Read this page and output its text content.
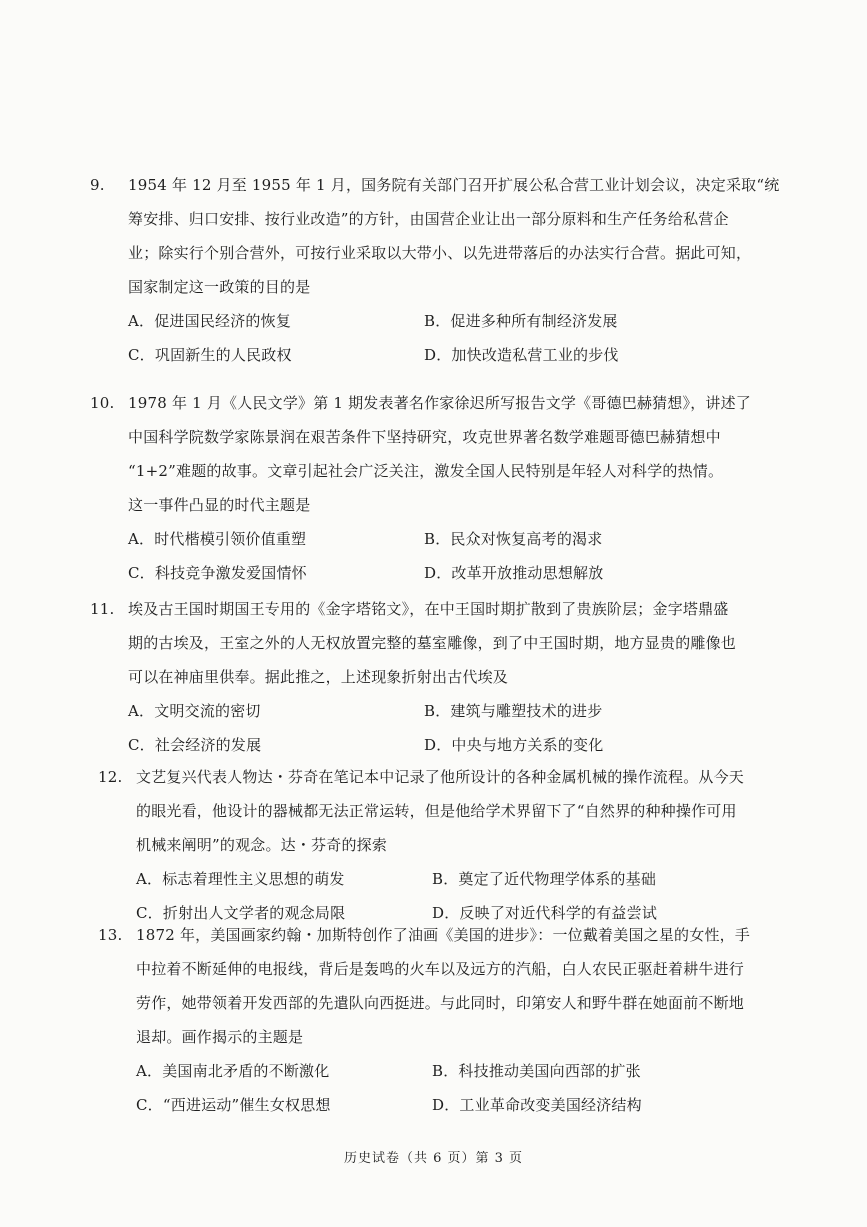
9. 1954 年 12 月至 1955 年 1 月，国务院有关部门召开扩展公私合营工业计划会议，决定采取“统

筹安排、归口安排、按行业改造”的方针，由国营企业让出一部分原料和生产任务给私营企

业；除实行个别合营外，可按行业采取以大带小、以先进带落后的办法实行合营。据此可知，

国家制定这一政策的目的是

A．促进国民经济的恢复	B．促进多种所有制经济发展
C．巩固新生的人民政权	D．加快改造私营工业的步伐
10. 1978 年 1 月《人民文学》第 1 期发表著名作家徐迟所写报告文学《哥德巴赫猜想》，讲述了

中国科学院数学家陈景润在艰苦条件下坚持研究，攻克世界著名数学难题哥德巴赫猜想中

“1+2”难题的故事。文章引起社会广泛关注，激发全国人民特别是年轻人对科学的热情。

这一事件凸显的时代主题是

A．时代楷模引领价值重塑	B．民众对恢复高考的渴求
C．科技竞争激发爱国情怀	D．改革开放推动思想解放
11. 埃及古王国时期国王专用的《金字塔铭文》，在中王国时期扩散到了贵族阶层；金字塔鼎盛

期的古埃及，王室之外的人无权放置完整的墓室雕像，到了中王国时期，地方显贵的雕像也

可以在神庙里供奉。据此推之，上述现象折射出古代埃及

A．文明交流的密切	B．建筑与雕塑技术的进步
C．社会经济的发展	D．中央与地方关系的变化
12. 文艺复兴代表人物达・芬奇在笔记本中记录了他所设计的各种金属机械的操作流程。从今天

的眼光看，他设计的器械都无法正常运转，但是他给学术界留下了“自然界的种种操作可用

机械来阐明”的观念。达・芬奇的探索

A．标志着理性主义思想的萌发	B．奠定了近代物理学体系的基础
C．折射出人文学者的观念局限	D．反映了对近代科学的有益尝试
13. 1872 年，美国画家约翰・加斯特创作了油画《美国的进步》：一位戴着美国之星的女性，手

中拉着不断延伸的电报线，背后是轰鸣的火车以及远方的汽船，白人农民正驱赶着耕牛进行

劳作，她带领着开发西部的先遣队向西挺进。与此同时，印第安人和野牛群在她面前不断地

退却。画作揭示的主题是

A．美国南北矛盾的不断激化	B．科技推动美国向西部的扩张
C．“西进运动”催生女权思想	D．工业革命改变美国经济结构
历史试卷（共 6 页）第 3 页
